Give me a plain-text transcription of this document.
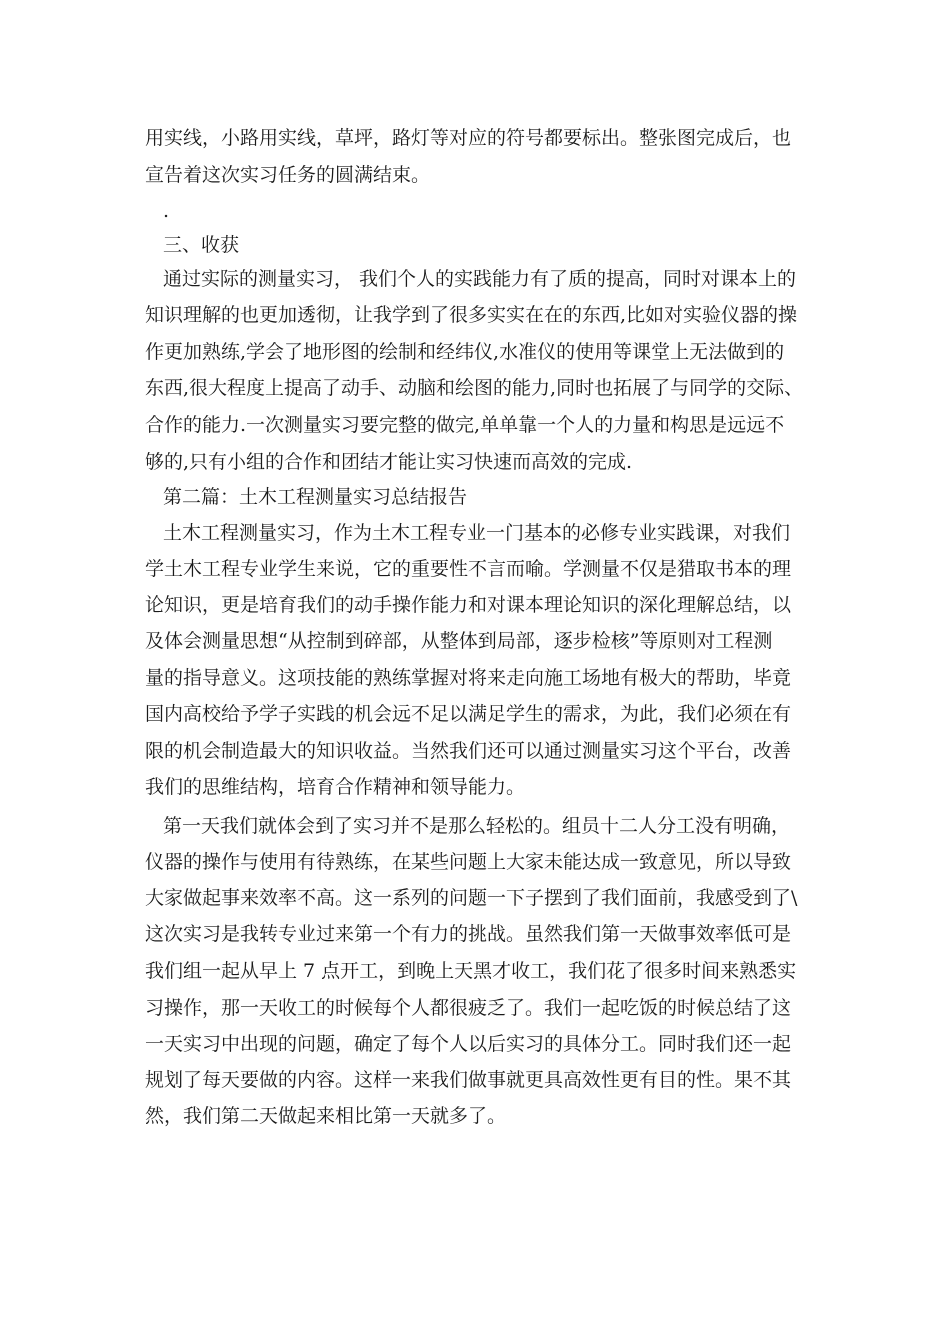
用实线，小路用实线，草坪，路灯等对应的符号都要标出。整张图完成后，也
宣告着这次实习任务的圆满结束。
.
三、收获
通过实际的测量实习， 我们个人的实践能力有了质的提高，同时对课本上的
知识理解的也更加透彻，让我学到了很多实实在在的东西,比如对实验仪器的操
作更加熟练,学会了地形图的绘制和经纬仪,水准仪的使用等课堂上无法做到的
东西,很大程度上提高了动手、动脑和绘图的能力,同时也拓展了与同学的交际、
合作的能力.一次测量实习要完整的做完,单单靠一个人的力量和构思是远远不
够的,只有小组的合作和团结才能让实习快速而高效的完成.
第二篇：土木工程测量实习总结报告
土木工程测量实习，作为土木工程专业一门基本的必修专业实践课，对我们
学土木工程专业学生来说，它的重要性不言而喻。学测量不仅是猎取书本的理
论知识，更是培育我们的动手操作能力和对课本理论知识的深化理解总结，以
及体会测量思想“从控制到碎部，从整体到局部，逐步检核”等原则对工程测
量的指导意义。这项技能的熟练掌握对将来走向施工场地有极大的帮助，毕竟
国内高校给予学子实践的机会远不足以满足学生的需求，为此，我们必须在有
限的机会制造最大的知识收益。当然我们还可以通过测量实习这个平台，改善
我们的思维结构，培育合作精神和领导能力。
第一天我们就体会到了实习并不是那么轻松的。组员十二人分工没有明确，
仪器的操作与使用有待熟练，在某些问题上大家未能达成一致意见，所以导致
大家做起事来效率不高。这一系列的问题一下子摆到了我们面前，我感受到了\
这次实习是我转专业过来第一个有力的挑战。虽然我们第一天做事效率低可是
我们组一起从早上 7 点开工，到晚上天黑才收工，我们花了很多时间来熟悉实
习操作，那一天收工的时候每个人都很疲乏了。我们一起吃饭的时候总结了这
一天实习中出现的问题，确定了每个人以后实习的具体分工。同时我们还一起
规划了每天要做的内容。这样一来我们做事就更具高效性更有目的性。果不其
然，我们第二天做起来相比第一天就多了。
